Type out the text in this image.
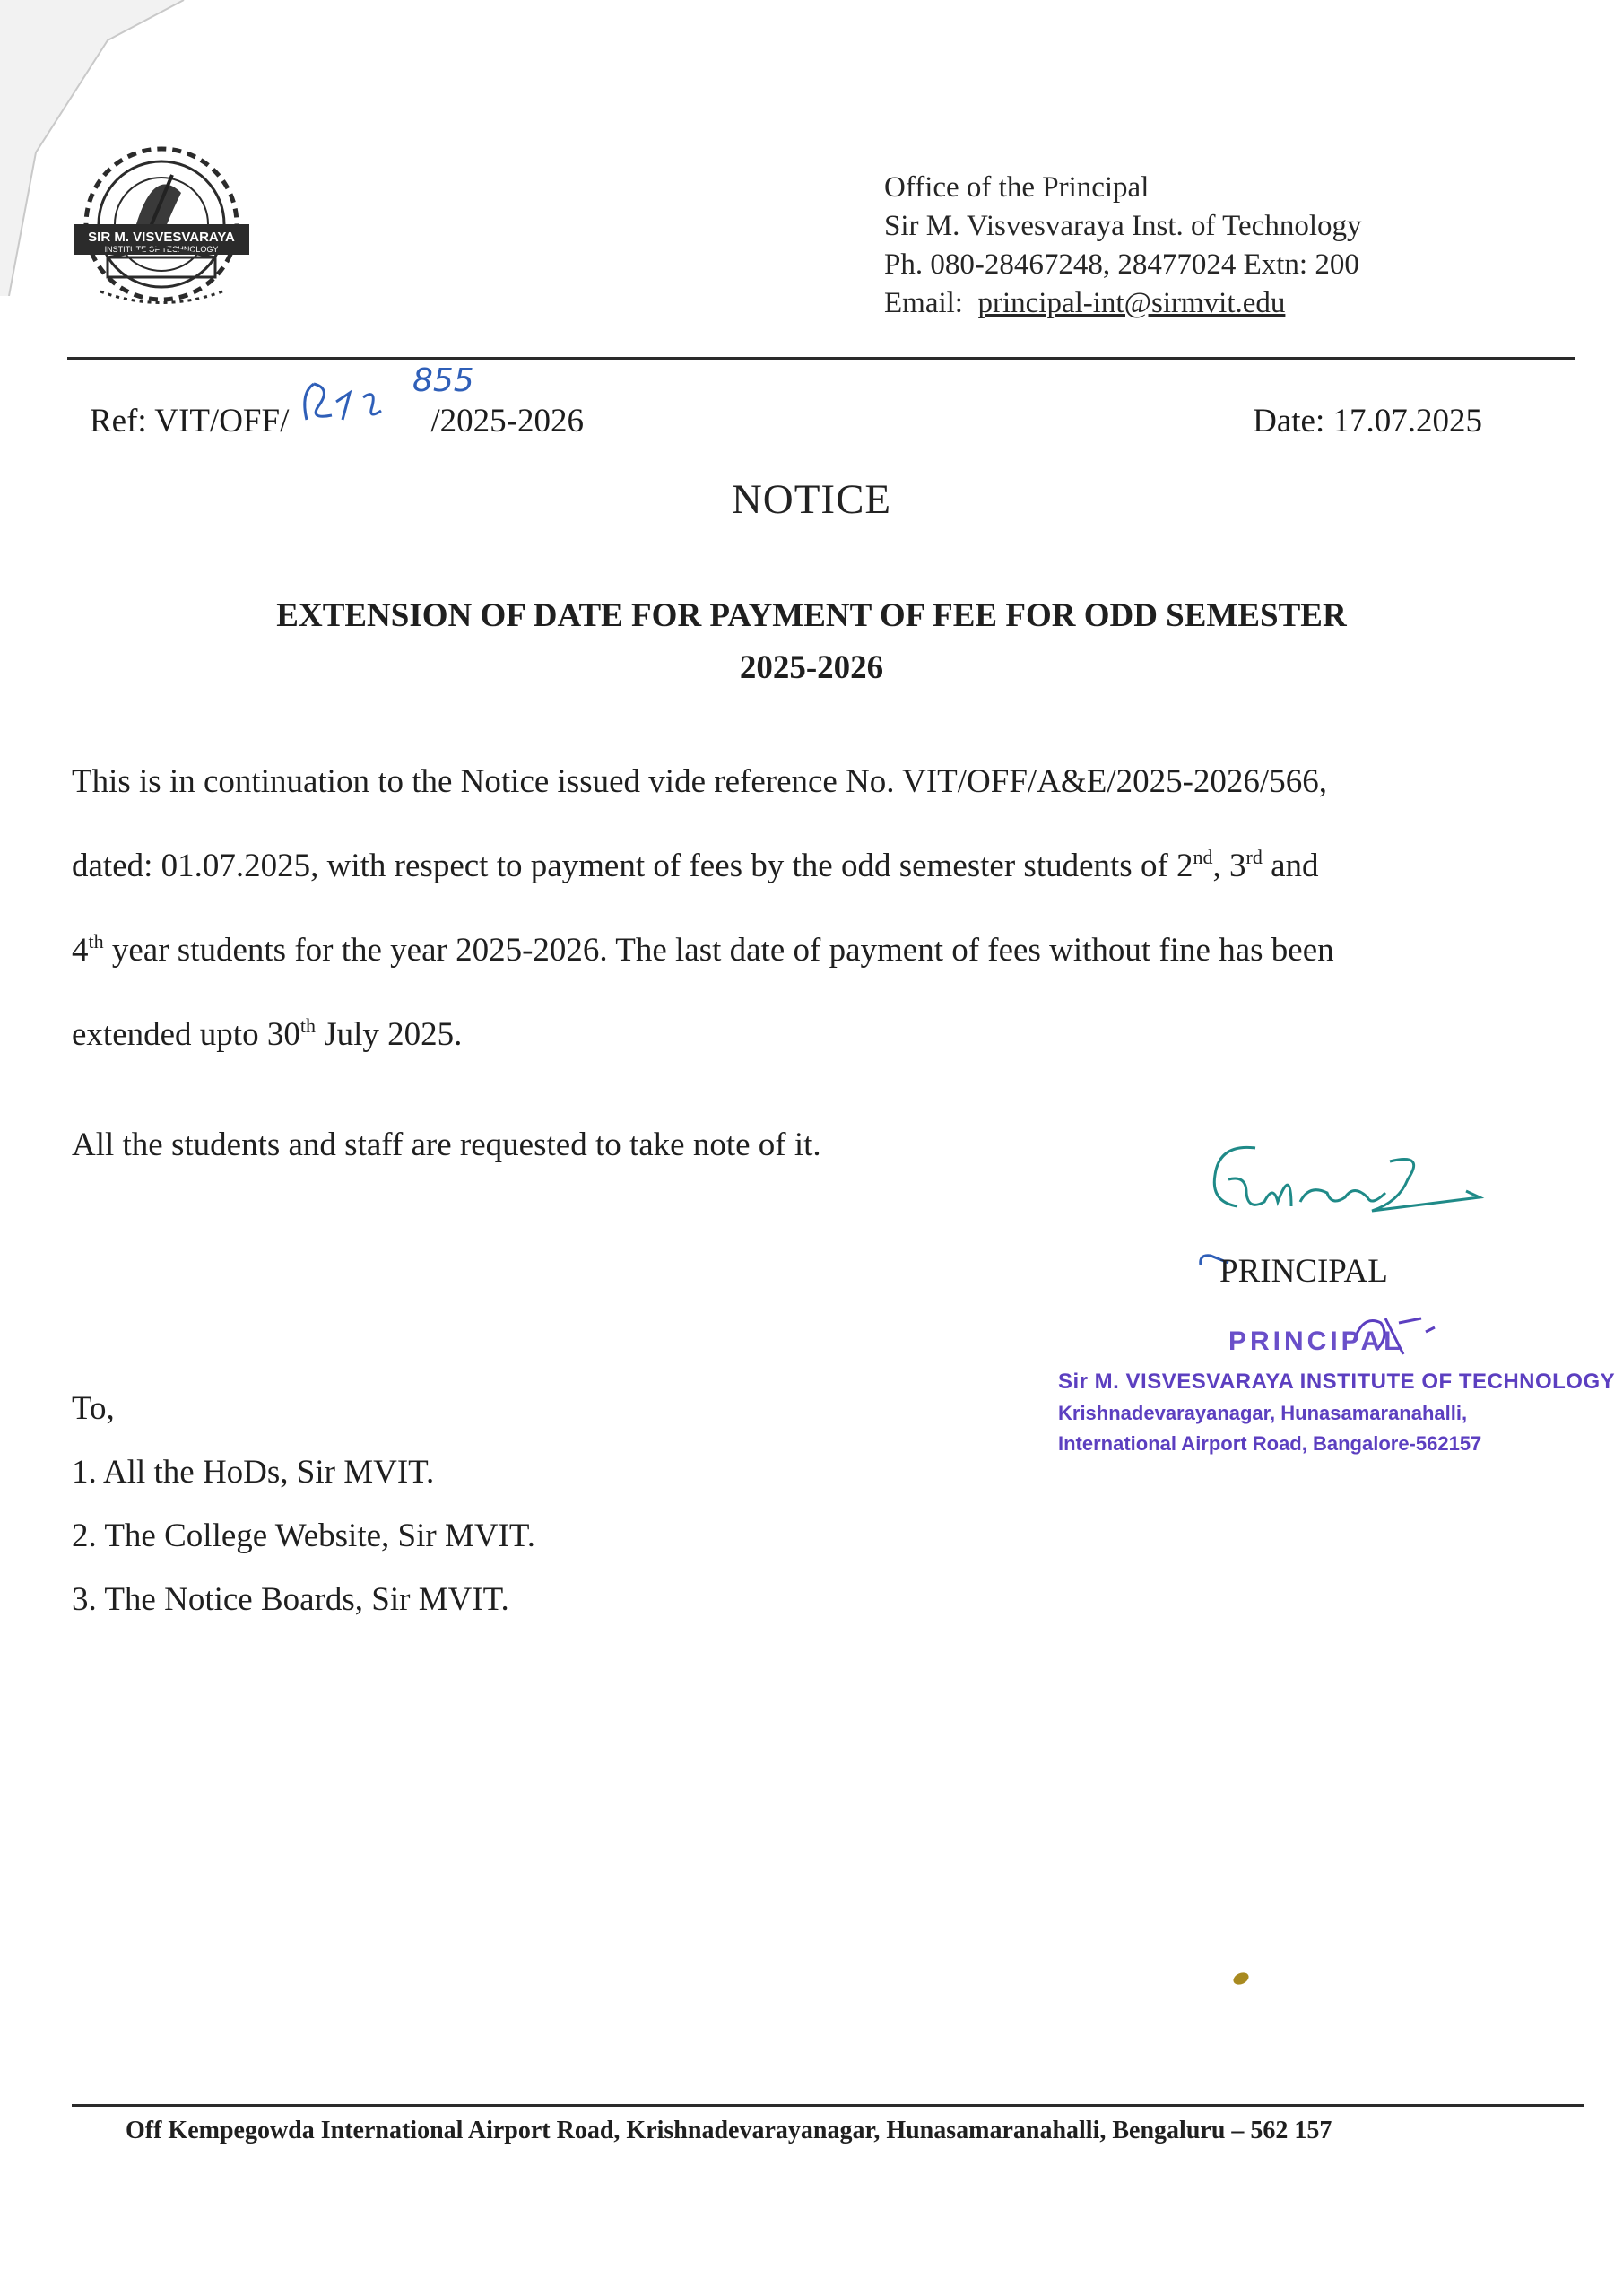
SIR M. VISVESVARAYA
INSTITUTE OF TECHNOLOGY
Office of the Principal
Sir M. Visvesvaraya Inst. of Technology
Ph. 080-28467248, 28477024 Extn: 200
Email: principal-int@sirmvit.edu
Ref: VIT/OFF/	/2025-2026
855
Date: 17.07.2025
NOTICE
EXTENSION OF DATE FOR PAYMENT OF FEE FOR ODD SEMESTER
2025-2026
This is in continuation to the Notice issued vide reference No. VIT/OFF/A&E/2025-2026/566,
dated: 01.07.2025, with respect to payment of fees by the odd semester students of 2nd, 3rd and
4th year students for the year 2025-2026. The last date of payment of fees without fine has been
extended upto 30th July 2025.
All the students and staff are requested to take note of it.
PRINCIPAL
PRINCIPAL
Sir M. VISVESVARAYA INSTITUTE OF TECHNOLOGY
Krishnadevarayanagar, Hunasamaranahalli,
International Airport Road, Bangalore-562157
To,
1. All the HoDs, Sir MVIT.
2. The College Website, Sir MVIT.
3. The Notice Boards, Sir MVIT.
Off Kempegowda International Airport Road, Krishnadevarayanagar, Hunasamaranahalli, Bengaluru – 562 157
